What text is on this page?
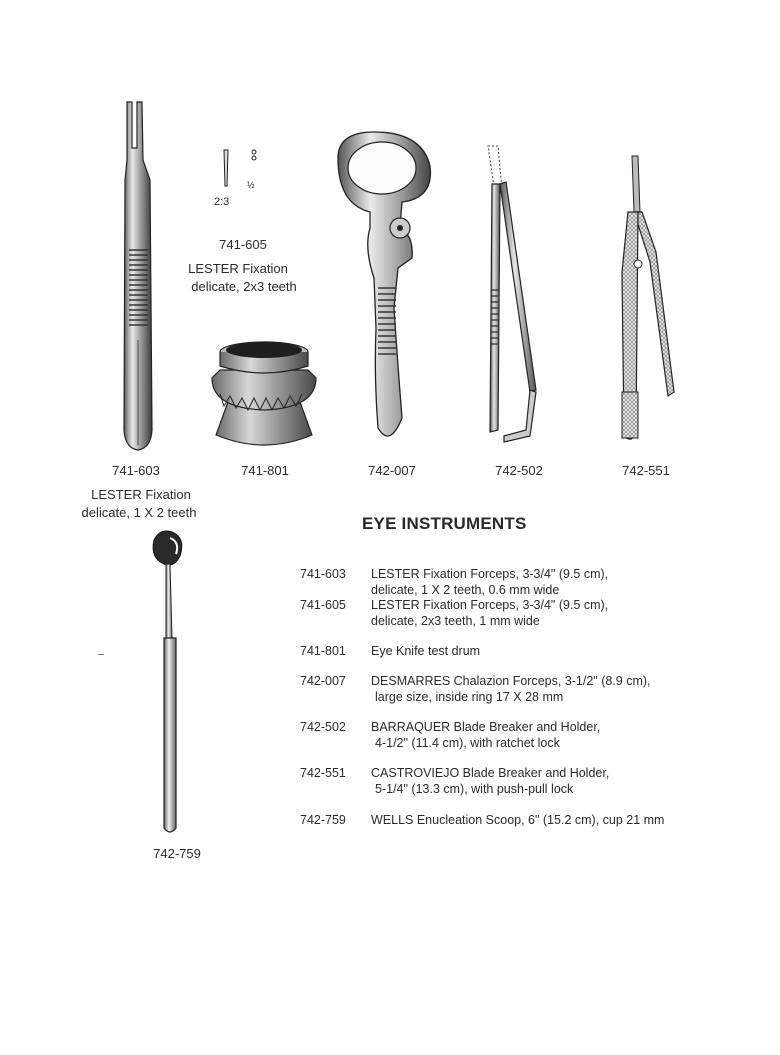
2:3
½
741-605
LESTER Fixation
delicate, 2x3 teeth
741-603
LESTER Fixation
delicate, 1 X 2 teeth
741-801	742-007	742-502	742-551
742-759
EYE INSTRUMENTS
741-603	LESTER Fixation Forceps, 3-3/4" (9.5 cm),
delicate, 1 X 2 teeth, 0.6 mm wide
741-605	LESTER Fixation Forceps, 3-3/4" (9.5 cm),
delicate, 2x3 teeth, 1 mm wide
741-801	Eye Knife test drum
742-007	DESMARRES Chalazion Forceps, 3-1/2" (8.9 cm),
large size, inside ring 17 X 28 mm
742-502	BARRAQUER Blade Breaker and Holder,
4-1/2" (11.4 cm), with ratchet lock
742-551	CASTROVIEJO Blade Breaker and Holder,
5-1/4" (13.3 cm), with push-pull lock
742-759	WELLS Enucleation Scoop, 6" (15.2 cm), cup 21 mm
